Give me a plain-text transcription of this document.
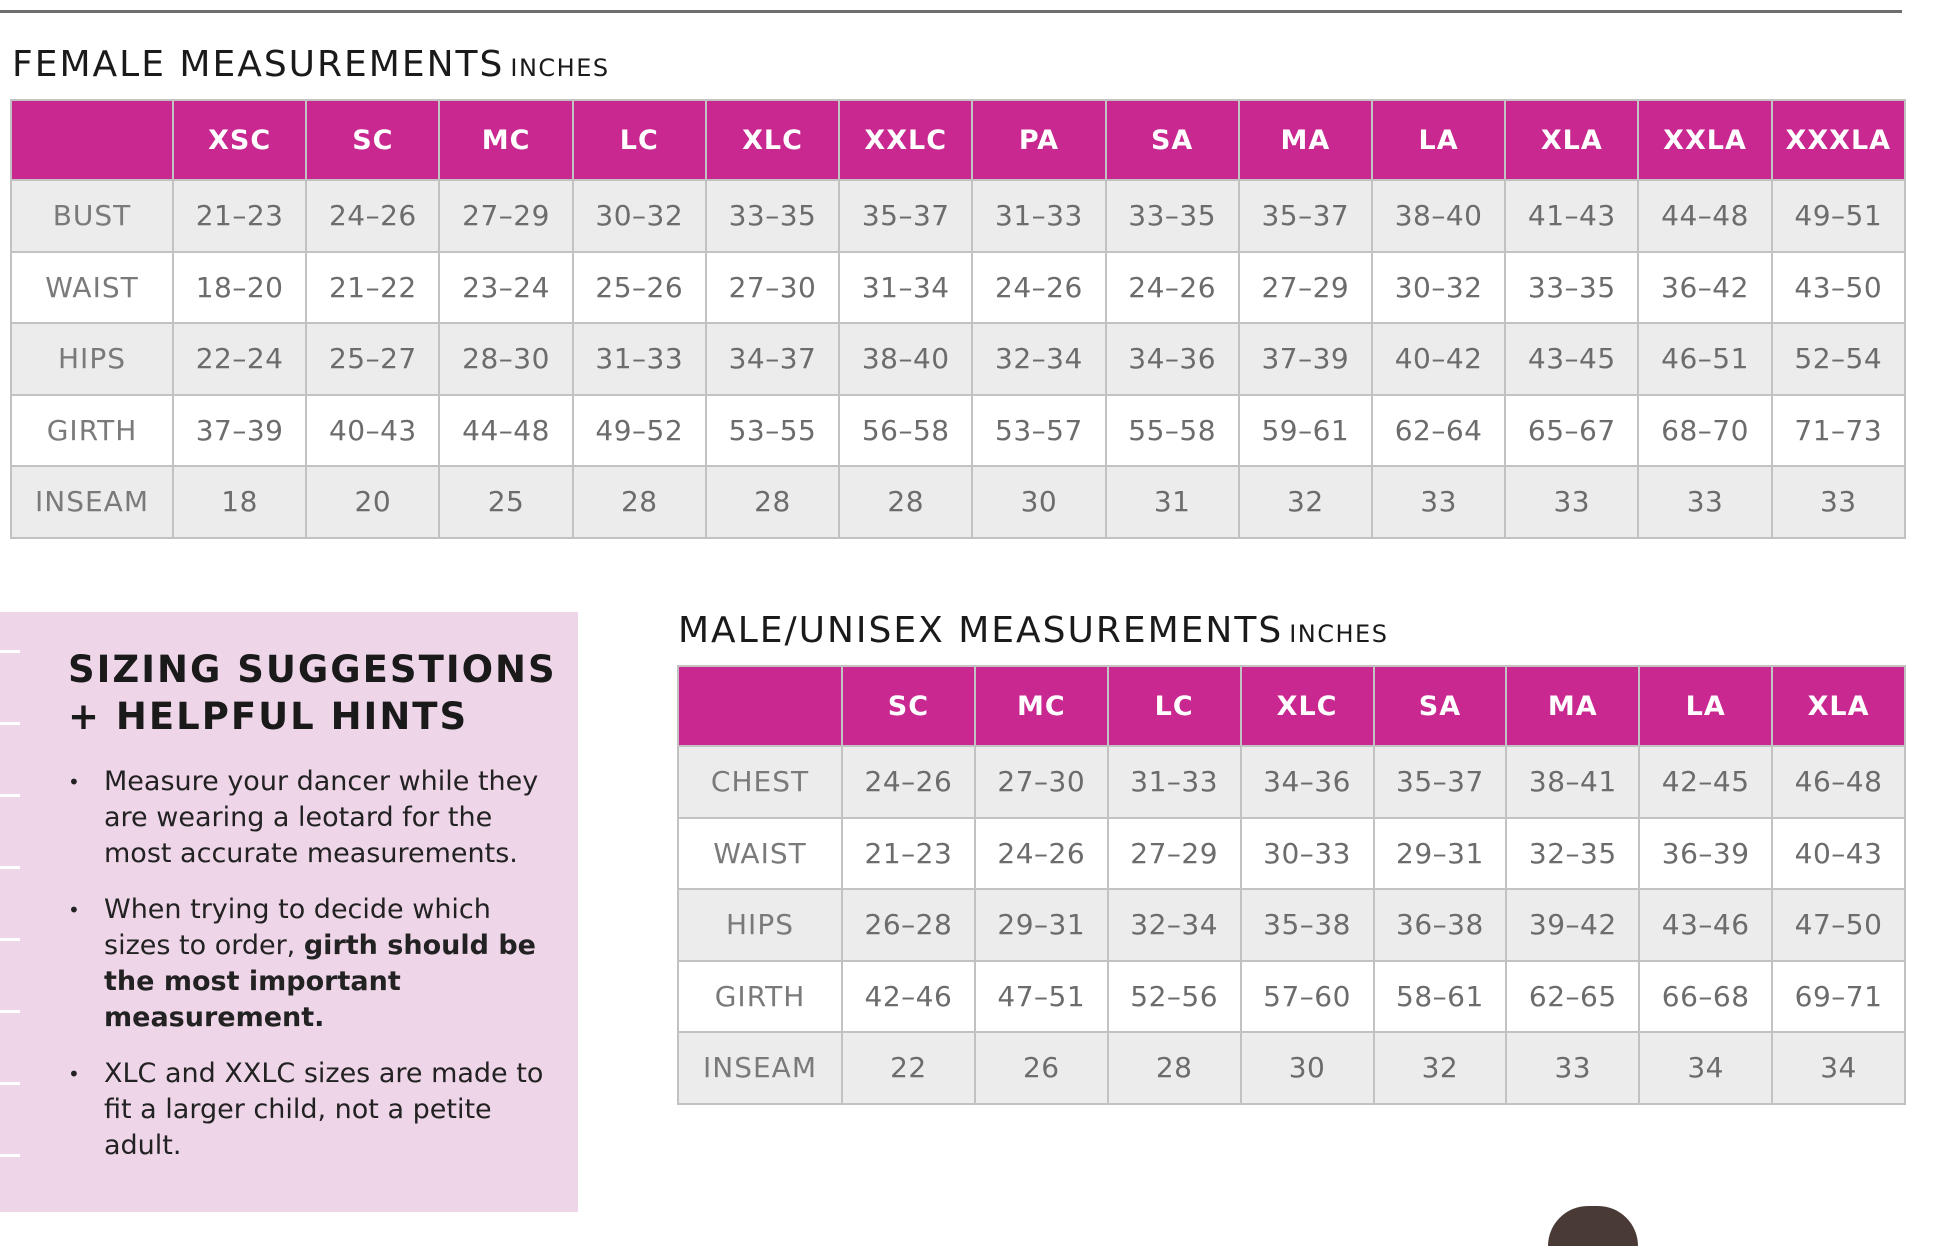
FEMALE MEASUREMENTS INCHES
	XSC	SC	MC	LC	XLC	XXLC	PA	SA	MA	LA	XLA	XXLA	XXXLA
BUST	21–23	24–26	27–29	30–32	33–35	35–37	31–33	33–35	35–37	38–40	41–43	44–48	49–51
WAIST	18–20	21–22	23–24	25–26	27–30	31–34	24–26	24–26	27–29	30–32	33–35	36–42	43–50
HIPS	22–24	25–27	28–30	31–33	34–37	38–40	32–34	34–36	37–39	40–42	43–45	46–51	52–54
GIRTH	37–39	40–43	44–48	49–52	53–55	56–58	53–57	55–58	59–61	62–64	65–67	68–70	71–73
INSEAM	18	20	25	28	28	28	30	31	32	33	33	33	33
SIZING SUGGESTIONS
+ HELPFUL HINTS
• Measure your dancer while they are wearing a leotard for the most accurate measurements.
• When trying to decide which sizes to order, girth should be the most important measurement.
• XLC and XXLC sizes are made to fit a larger child, not a petite adult.
MALE/UNISEX MEASUREMENTS INCHES
	SC	MC	LC	XLC	SA	MA	LA	XLA
CHEST	24–26	27–30	31–33	34–36	35–37	38–41	42–45	46–48
WAIST	21–23	24–26	27–29	30–33	29–31	32–35	36–39	40–43
HIPS	26–28	29–31	32–34	35–38	36–38	39–42	43–46	47–50
GIRTH	42–46	47–51	52–56	57–60	58–61	62–65	66–68	69–71
INSEAM	22	26	28	30	32	33	34	34
